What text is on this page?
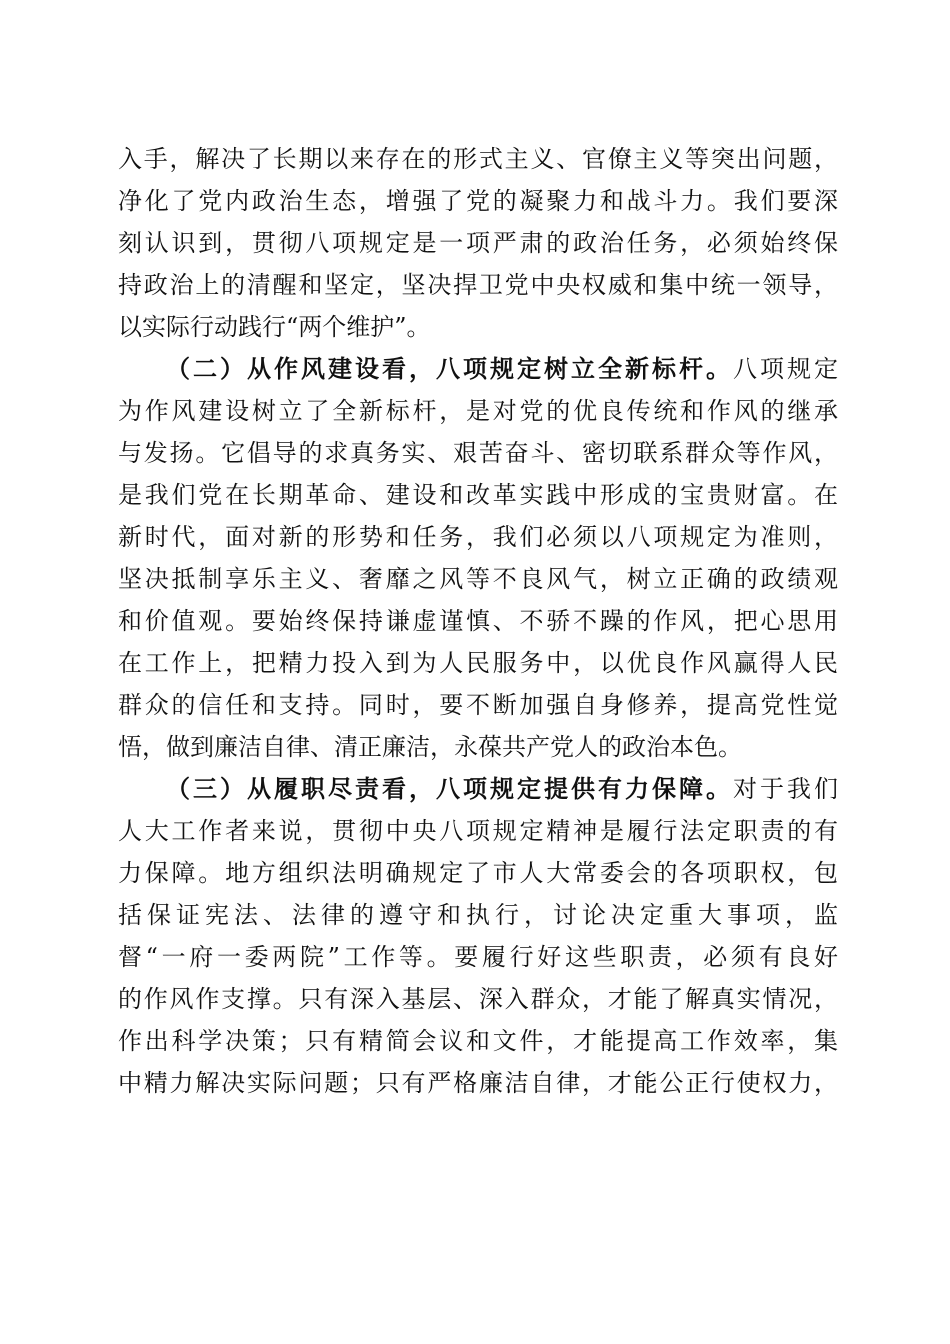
入手，解决了长期以来存在的形式主义、官僚主义等突出问题，
净化了党内政治生态，增强了党的凝聚力和战斗力。我们要深
刻认识到，贯彻八项规定是一项严肃的政治任务，必须始终保
持政治上的清醒和坚定，坚决捍卫党中央权威和集中统一领导，
以实际行动践行“两个维护”。
（二）从作风建设看，八项规定树立全新标杆。八项规定
为作风建设树立了全新标杆，是对党的优良传统和作风的继承
与发扬。它倡导的求真务实、艰苦奋斗、密切联系群众等作风，
是我们党在长期革命、建设和改革实践中形成的宝贵财富。在
新时代，面对新的形势和任务，我们必须以八项规定为准则，
坚决抵制享乐主义、奢靡之风等不良风气，树立正确的政绩观
和价值观。要始终保持谦虚谨慎、不骄不躁的作风，把心思用
在工作上，把精力投入到为人民服务中，以优良作风赢得人民
群众的信任和支持。同时，要不断加强自身修养，提高党性觉
悟，做到廉洁自律、清正廉洁，永葆共产党人的政治本色。
（三）从履职尽责看，八项规定提供有力保障。对于我们
人大工作者来说，贯彻中央八项规定精神是履行法定职责的有
力保障。地方组织法明确规定了市人大常委会的各项职权，包
括保证宪法、法律的遵守和执行，讨论决定重大事项，监
督“一府一委两院”工作等。要履行好这些职责，必须有良好
的作风作支撑。只有深入基层、深入群众，才能了解真实情况，
作出科学决策；只有精简会议和文件，才能提高工作效率，集
中精力解决实际问题；只有严格廉洁自律，才能公正行使权力，
